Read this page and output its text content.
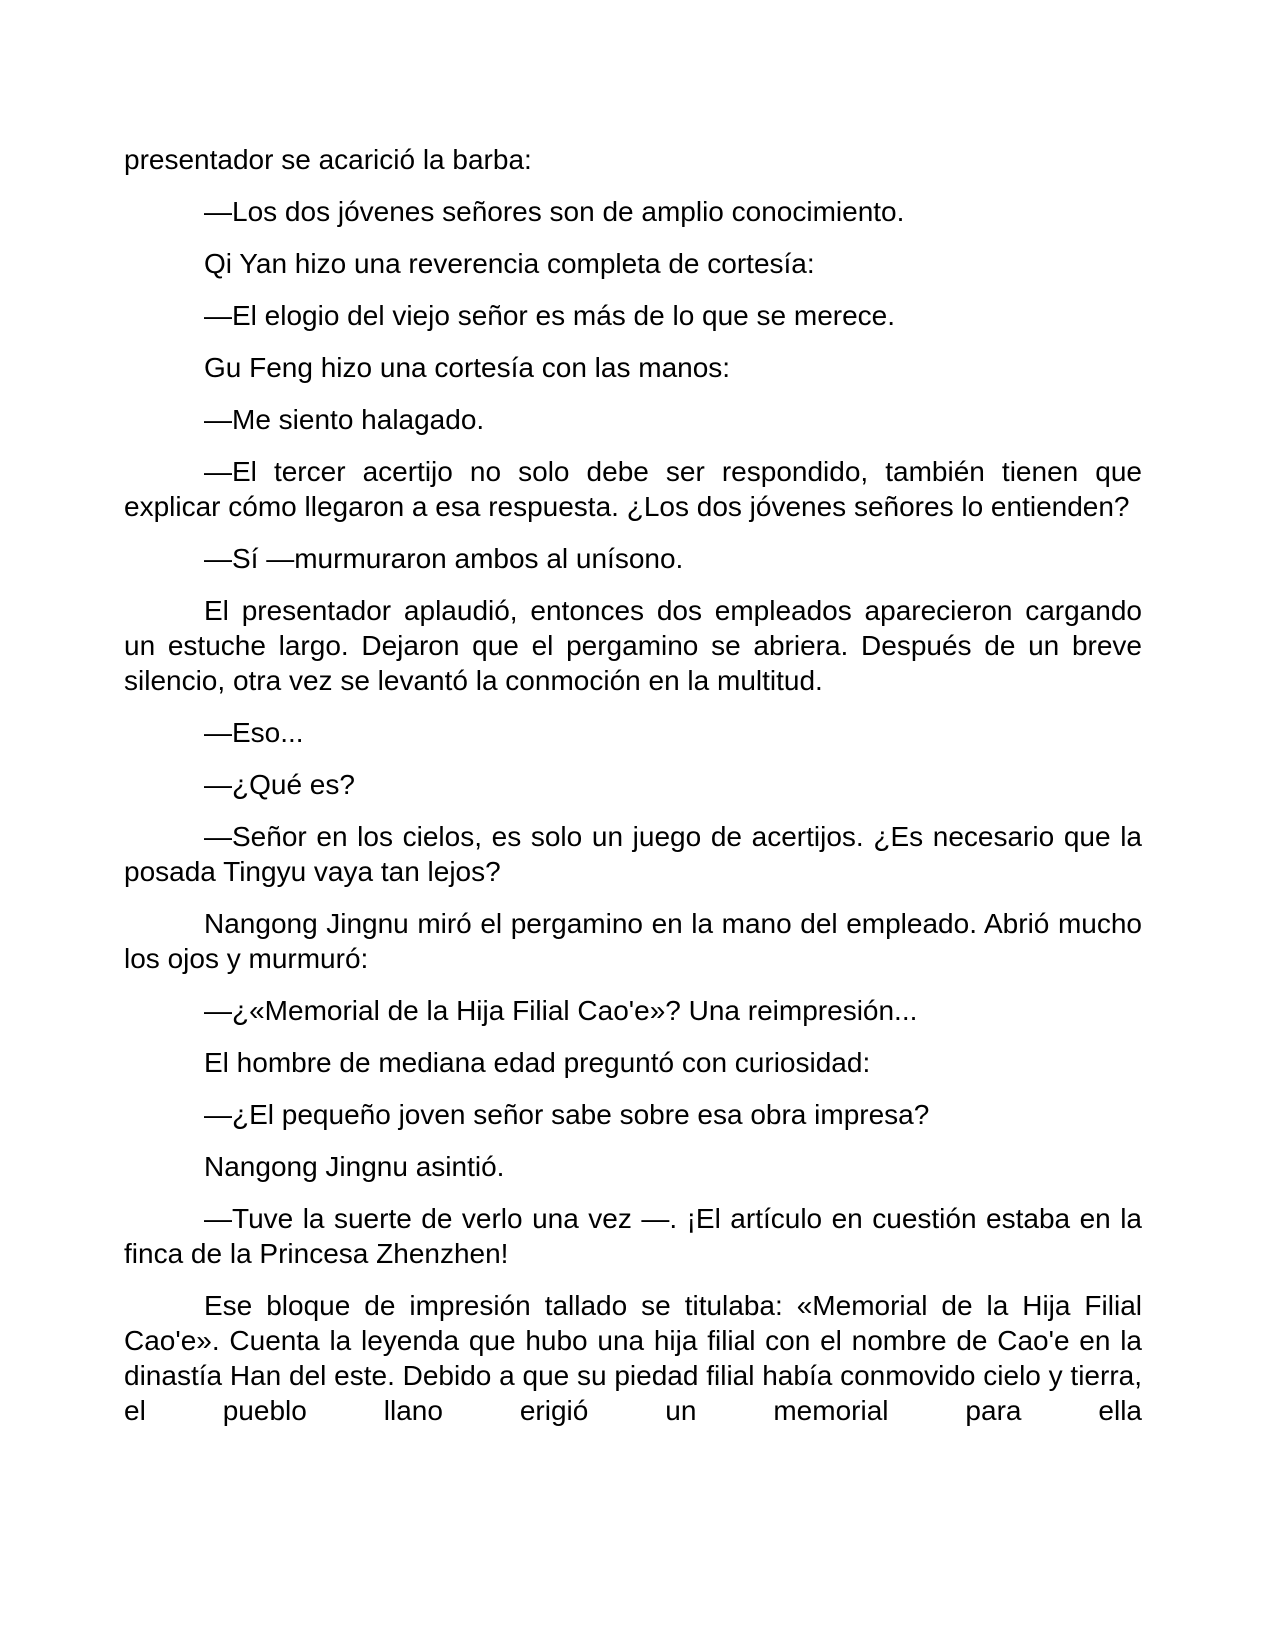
presentador se acarició la barba:

—Los dos jóvenes señores son de amplio conocimiento.

Qi Yan hizo una reverencia completa de cortesía:

—El elogio del viejo señor es más de lo que se merece.

Gu Feng hizo una cortesía con las manos:

—Me siento halagado.

—El tercer acertijo no solo debe ser respondido, también tienen que explicar cómo llegaron a esa respuesta. ¿Los dos jóvenes señores lo entienden?

—Sí —murmuraron ambos al unísono.

El presentador aplaudió, entonces dos empleados aparecieron cargando un estuche largo. Dejaron que el pergamino se abriera. Después de un breve silencio, otra vez se levantó la conmoción en la multitud.

—Eso...

—¿Qué es?

—Señor en los cielos, es solo un juego de acertijos. ¿Es necesario que la posada Tingyu vaya tan lejos?

Nangong Jingnu miró el pergamino en la mano del empleado. Abrió mucho los ojos y murmuró:

—¿«Memorial de la Hija Filial Cao'e»? Una reimpresión...

El hombre de mediana edad preguntó con curiosidad:

—¿El pequeño joven señor sabe sobre esa obra impresa?

Nangong Jingnu asintió.

—Tuve la suerte de verlo una vez —. ¡El artículo en cuestión estaba en la finca de la Princesa Zhenzhen!

Ese bloque de impresión tallado se titulaba: «Memorial de la Hija Filial Cao'e». Cuenta la leyenda que hubo una hija filial con el nombre de Cao'e en la dinastía Han del este. Debido a que su piedad filial había conmovido cielo y tierra, el pueblo llano erigió un memorial para ella
